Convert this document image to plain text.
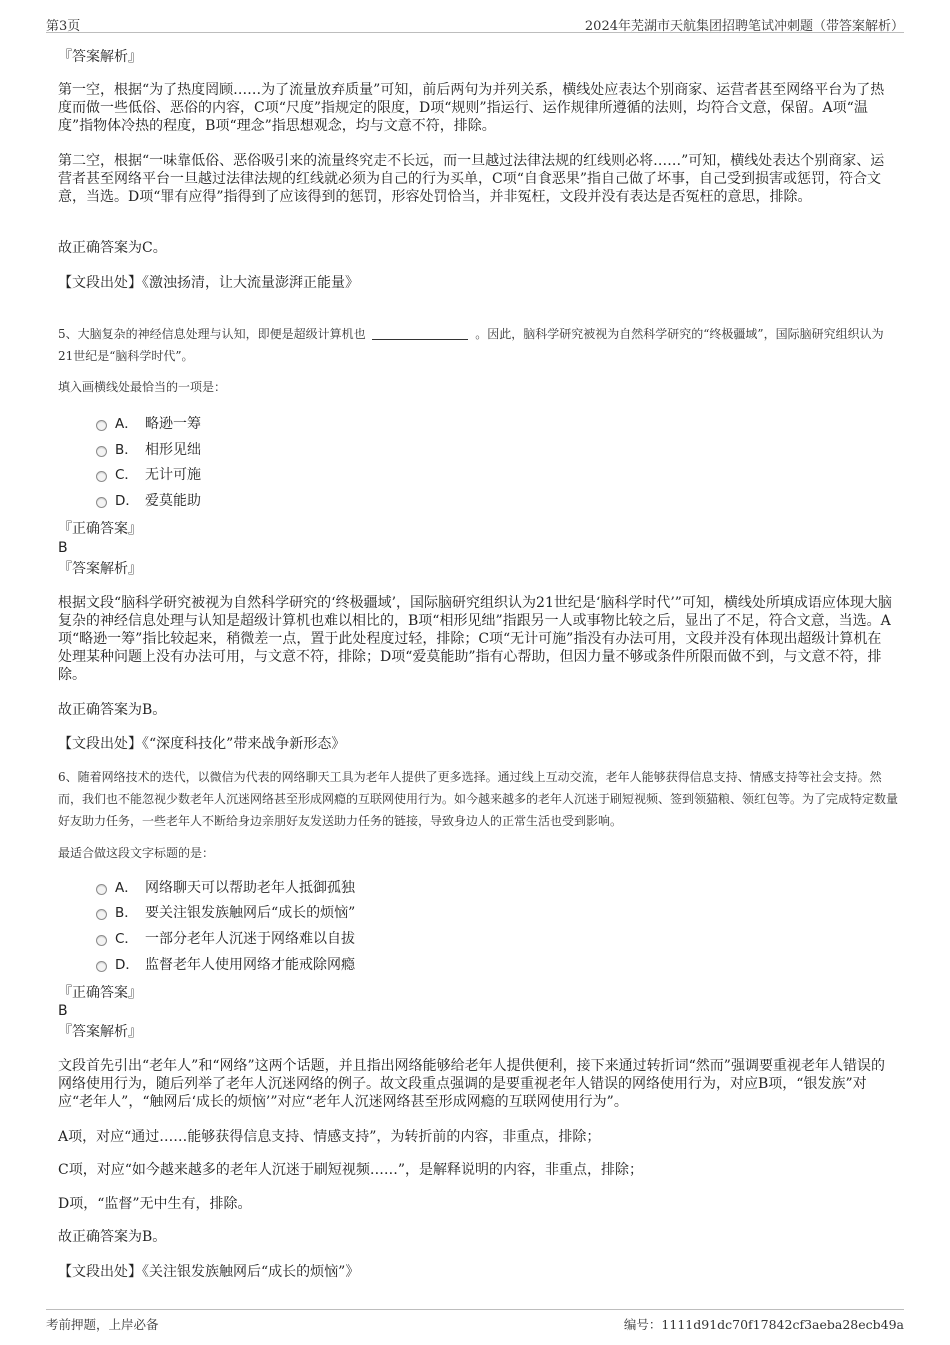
第3页	2024年芜湖市天航集团招聘笔试冲刺题（带答案解析）
『答案解析』
第一空，根据“为了热度罔顾……为了流量放弃质量”可知，前后两句为并列关系，横线处应表达个别商家、运营者甚至网络平台为了热度而做一些低俗、恶俗的内容，C项“尺度”指规定的限度，D项“规则”指运行、运作规律所遵循的法则，均符合文意，保留。A项“温度”指物体冷热的程度，B项“理念”指思想观念，均与文意不符，排除。
第二空，根据“一味靠低俗、恶俗吸引来的流量终究走不长远，而一旦越过法律法规的红线则必将……”可知，横线处表达个别商家、运营者甚至网络平台一旦越过法律法规的红线就必须为自己的行为买单，C项“自食恶果”指自己做了坏事，自己受到损害或惩罚，符合文意，当选。D项“罪有应得”指得到了应该得到的惩罚，形容处罚恰当，并非冤枉，文段并没有表达是否冤枉的意思，排除。
故正确答案为C。
【文段出处】《激浊扬清，让大流量澎湃正能量》
5、大脑复杂的神经信息处理与认知，即便是超级计算机也	。因此，脑科学研究被视为自然科学研究的“终极疆域”，国际脑研究组织认为21世纪是“脑科学时代”。
填入画横线处最恰当的一项是：
A． 略逊一筹
B． 相形见绌
C． 无计可施
D． 爱莫能助
『正确答案』
B
『答案解析』
根据文段“脑科学研究被视为自然科学研究的‘终极疆域’，国际脑研究组织认为21世纪是‘脑科学时代’”可知，横线处所填成语应体现大脑复杂的神经信息处理与认知是超级计算机也难以相比的，B项“相形见绌”指跟另一人或事物比较之后，显出了不足，符合文意，当选。A项“略逊一筹”指比较起来，稍微差一点，置于此处程度过轻，排除；C项“无计可施”指没有办法可用，文段并没有体现出超级计算机在处理某种问题上没有办法可用，与文意不符，排除；D项“爱莫能助”指有心帮助，但因力量不够或条件所限而做不到，与文意不符，排除。
故正确答案为B。
【文段出处】《“深度科技化”带来战争新形态》
6、随着网络技术的迭代，以微信为代表的网络聊天工具为老年人提供了更多选择。通过线上互动交流，老年人能够获得信息支持、情感支持等社会支持。然而，我们也不能忽视少数老年人沉迷网络甚至形成网瘾的互联网使用行为。如今越来越多的老年人沉迷于刷短视频、签到领猫粮、领红包等。为了完成特定数量好友助力任务，一些老年人不断给身边亲朋好友发送助力任务的链接，导致身边人的正常生活也受到影响。
最适合做这段文字标题的是：
A． 网络聊天可以帮助老年人抵御孤独
B． 要关注银发族触网后“成长的烦恼”
C． 一部分老年人沉迷于网络难以自拔
D． 监督老年人使用网络才能戒除网瘾
『正确答案』
B
『答案解析』
文段首先引出“老年人”和“网络”这两个话题，并且指出网络能够给老年人提供便利，接下来通过转折词“然而”强调要重视老年人错误的网络使用行为，随后列举了老年人沉迷网络的例子。故文段重点强调的是要重视老年人错误的网络使用行为，对应B项，“银发族”对应“老年人”，“触网后‘成长的烦恼’”对应“老年人沉迷网络甚至形成网瘾的互联网使用行为”。
A项，对应“通过……能够获得信息支持、情感支持”，为转折前的内容，非重点，排除；
C项，对应“如今越来越多的老年人沉迷于刷短视频……”，是解释说明的内容，非重点，排除；
D项，“监督”无中生有，排除。
故正确答案为B。
【文段出处】《关注银发族触网后“成长的烦恼”》
考前押题，上岸必备	编号：1111d91dc70f17842cf3aeba28ecb49a
